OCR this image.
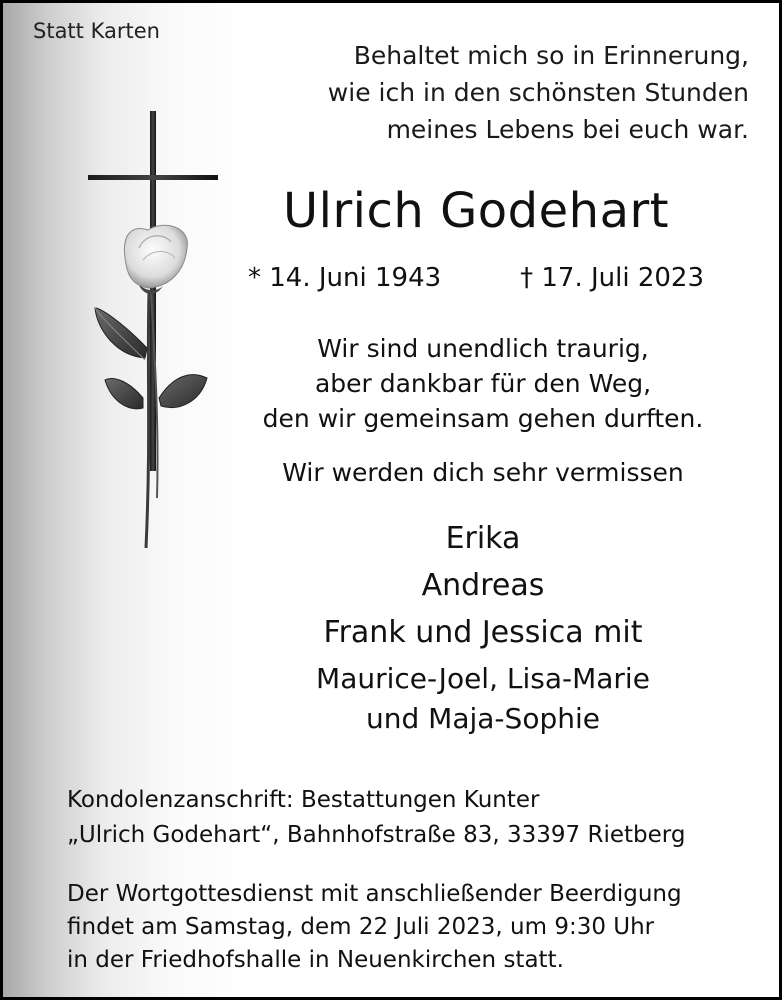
Statt Karten
Behaltet mich so in Erinnerung,
wie ich in den schönsten Stunden
meines Lebens bei euch war.
Ulrich Godehart
* 14. Juni 1943	† 17. Juli 2023
Wir sind unendlich traurig,
aber dankbar für den Weg,
den wir gemeinsam gehen durften.
Wir werden dich sehr vermissen
Erika
Andreas
Frank und Jessica mit
Maurice-Joel, Lisa-Marie
und Maja-Sophie
Kondolenzanschrift: Bestattungen Kunter
„Ulrich Godehart“, Bahnhofstraße 83, 33397 Rietberg
Der Wortgottesdienst mit anschließender Beerdigung
findet am Samstag, dem 22 Juli 2023, um 9:30 Uhr
in der Friedhofshalle in Neuenkirchen statt.
